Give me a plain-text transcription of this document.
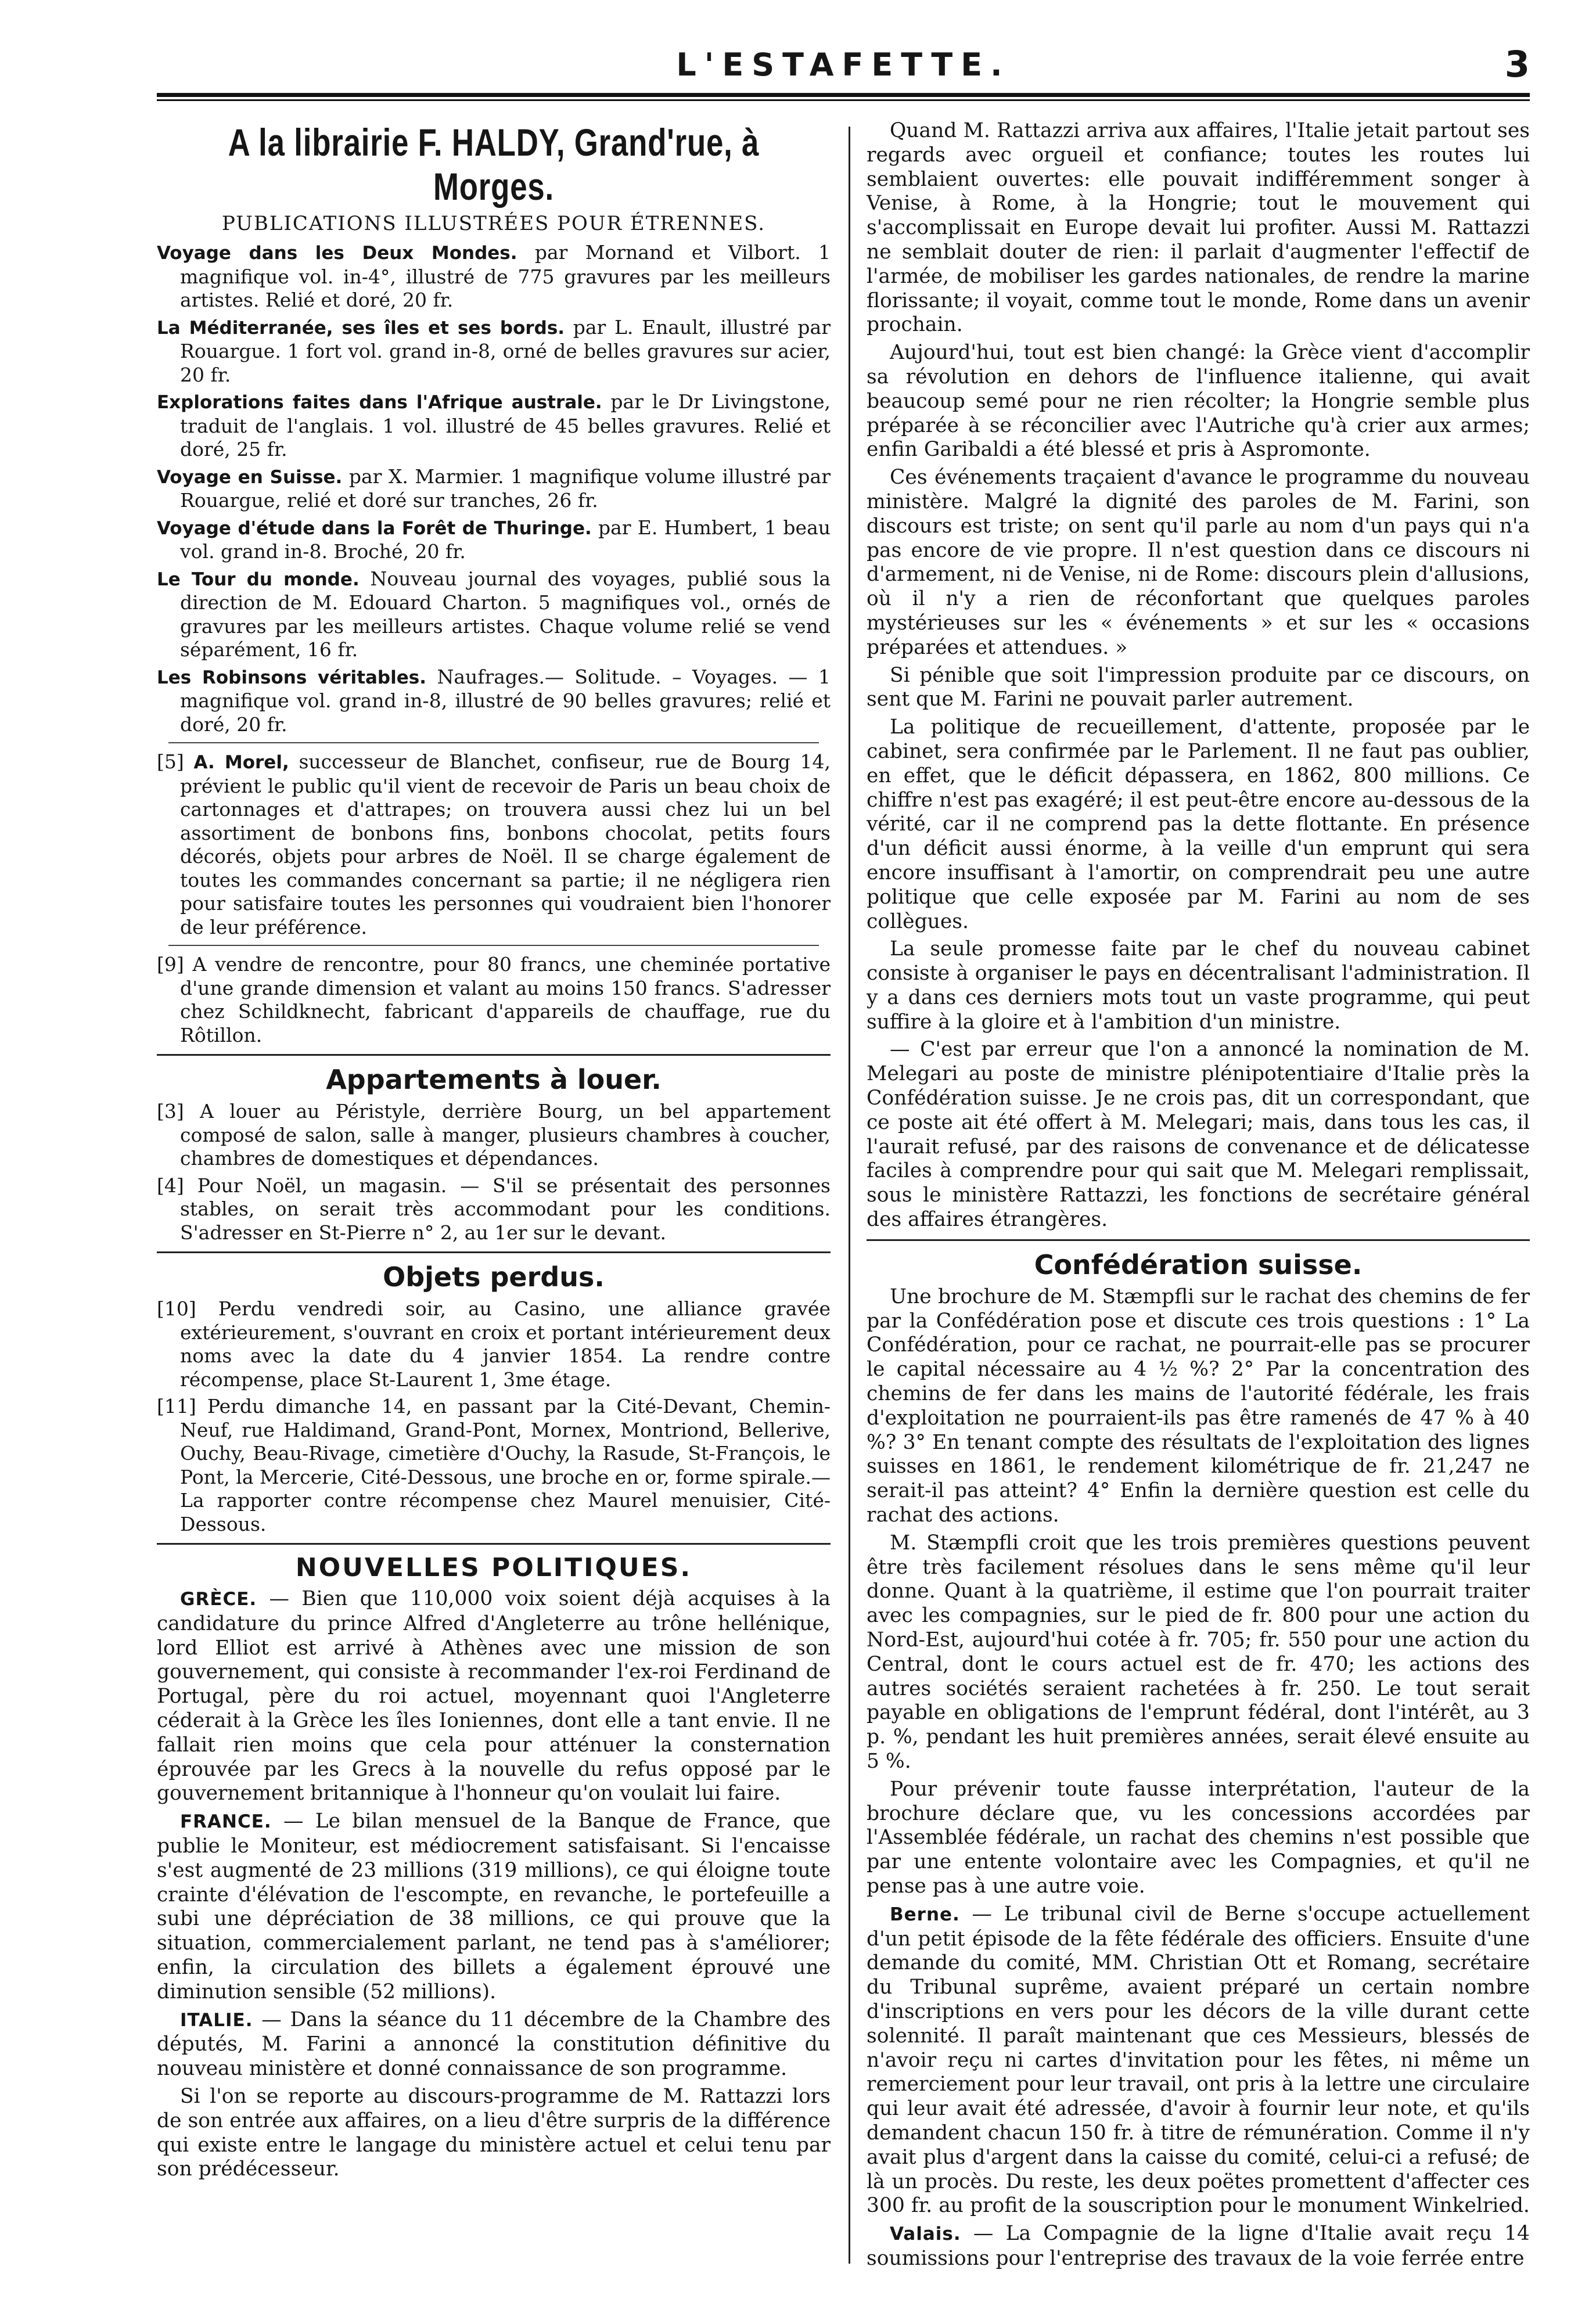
L'ESTAFETTE.	3
A la librairie F. HALDY, Grand'rue, à Morges.
PUBLICATIONS ILLUSTRÉES POUR ÉTRENNES.

Voyage dans les Deux Mondes. par Mornand et Vilbort. 1 magnifique vol. in-4°, illustré de 775 gravures par les meilleurs artistes. Relié et doré, 20 fr.

La Méditerranée, ses îles et ses bords. par L. Enault, illustré par Rouargue. 1 fort vol. grand in-8, orné de belles gravures sur acier, 20 fr.

Explorations faites dans l'Afrique australe. par le Dr Livingstone, traduit de l'anglais. 1 vol. illustré de 45 belles gravures. Relié et doré, 25 fr.

Voyage en Suisse. par X. Marmier. 1 magnifique volume illustré par Rouargue, relié et doré sur tranches, 26 fr.

Voyage d'étude dans la Forêt de Thuringe. par E. Humbert, 1 beau vol. grand in-8. Broché, 20 fr.

Le Tour du monde. Nouveau journal des voyages, publié sous la direction de M. Edouard Charton. 5 magnifiques vol., ornés de gravures par les meilleurs artistes. Chaque volume relié se vend séparément, 16 fr.

Les Robinsons véritables. Naufrages.— Solitude. – Voyages. — 1 magnifique vol. grand in-8, illustré de 90 belles gravures; relié et doré, 20 fr.

[5] A. Morel, successeur de Blanchet, confiseur, rue de Bourg 14, prévient le public qu'il vient de recevoir de Paris un beau choix de cartonnages et d'attrapes; on trouvera aussi chez lui un bel assortiment de bonbons fins, bonbons chocolat, petits fours décorés, objets pour arbres de Noël. Il se charge également de toutes les commandes concernant sa partie; il ne négligera rien pour satisfaire toutes les personnes qui voudraient bien l'honorer de leur préférence.

[9] A vendre de rencontre, pour 80 francs, une cheminée portative d'une grande dimension et valant au moins 150 francs. S'adresser chez Schildknecht, fabricant d'appareils de chauffage, rue du Rôtillon.

Appartements à louer.

[3] A louer au Péristyle, derrière Bourg, un bel appartement composé de salon, salle à manger, plusieurs chambres à coucher, chambres de domestiques et dépendances.

[4] Pour Noël, un magasin. — S'il se présentait des personnes stables, on serait très accommodant pour les conditions. S'adresser en St-Pierre n° 2, au 1er sur le devant.

Objets perdus.

[10] Perdu vendredi soir, au Casino, une alliance gravée extérieurement, s'ouvrant en croix et portant intérieurement deux noms avec la date du 4 janvier 1854. La rendre contre récompense, place St-Laurent 1, 3me étage.

[11] Perdu dimanche 14, en passant par la Cité-Devant, Chemin-Neuf, rue Haldimand, Grand-Pont, Mornex, Montriond, Bellerive, Ouchy, Beau-Rivage, cimetière d'Ouchy, la Rasude, St-François, le Pont, la Mercerie, Cité-Dessous, une broche en or, forme spirale.— La rapporter contre récompense chez Maurel menuisier, Cité-Dessous.

NOUVELLES POLITIQUES.

GRÈCE. — Bien que 110,000 voix soient déjà acquises à la candidature du prince Alfred d'Angleterre au trône hellénique, lord Elliot est arrivé à Athènes avec une mission de son gouvernement, qui consiste à recommander l'ex-roi Ferdinand de Portugal, père du roi actuel, moyennant quoi l'Angleterre céderait à la Grèce les îles Ioniennes, dont elle a tant envie. Il ne fallait rien moins que cela pour atténuer la consternation éprouvée par les Grecs à la nouvelle du refus opposé par le gouvernement britannique à l'honneur qu'on voulait lui faire.

FRANCE. — Le bilan mensuel de la Banque de France, que publie le Moniteur, est médiocrement satisfaisant. Si l'encaisse s'est augmenté de 23 millions (319 millions), ce qui éloigne toute crainte d'élévation de l'escompte, en revanche, le portefeuille a subi une dépréciation de 38 millions, ce qui prouve que la situation, commercialement parlant, ne tend pas à s'améliorer; enfin, la circulation des billets a également éprouvé une diminution sensible (52 millions).

ITALIE. — Dans la séance du 11 décembre de la Chambre des députés, M. Farini a annoncé la constitution définitive du nouveau ministère et donné connaissance de son programme.

Si l'on se reporte au discours-programme de M. Rattazzi lors de son entrée aux affaires, on a lieu d'être surpris de la différence qui existe entre le langage du ministère actuel et celui tenu par son prédécesseur.

Quand M. Rattazzi arriva aux affaires, l'Italie jetait partout ses regards avec orgueil et confiance; toutes les routes lui semblaient ouvertes: elle pouvait indifféremment songer à Venise, à Rome, à la Hongrie; tout le mouvement qui s'accomplissait en Europe devait lui profiter. Aussi M. Rattazzi ne semblait douter de rien: il parlait d'augmenter l'effectif de l'armée, de mobiliser les gardes nationales, de rendre la marine florissante; il voyait, comme tout le monde, Rome dans un avenir prochain.

Aujourd'hui, tout est bien changé: la Grèce vient d'accomplir sa révolution en dehors de l'influence italienne, qui avait beaucoup semé pour ne rien récolter; la Hongrie semble plus préparée à se réconcilier avec l'Autriche qu'à crier aux armes; enfin Garibaldi a été blessé et pris à Aspromonte.

Ces événements traçaient d'avance le programme du nouveau ministère. Malgré la dignité des paroles de M. Farini, son discours est triste; on sent qu'il parle au nom d'un pays qui n'a pas encore de vie propre. Il n'est question dans ce discours ni d'armement, ni de Venise, ni de Rome: discours plein d'allusions, où il n'y a rien de réconfortant que quelques paroles mystérieuses sur les « événements » et sur les « occasions préparées et attendues. »

Si pénible que soit l'impression produite par ce discours, on sent que M. Farini ne pouvait parler autrement.

La politique de recueillement, d'attente, proposée par le cabinet, sera confirmée par le Parlement. Il ne faut pas oublier, en effet, que le déficit dépassera, en 1862, 800 millions. Ce chiffre n'est pas exagéré; il est peut-être encore au-dessous de la vérité, car il ne comprend pas la dette flottante. En présence d'un déficit aussi énorme, à la veille d'un emprunt qui sera encore insuffisant à l'amortir, on comprendrait peu une autre politique que celle exposée par M. Farini au nom de ses collègues.

La seule promesse faite par le chef du nouveau cabinet consiste à organiser le pays en décentralisant l'administration. Il y a dans ces derniers mots tout un vaste programme, qui peut suffire à la gloire et à l'ambition d'un ministre.

— C'est par erreur que l'on a annoncé la nomination de M. Melegari au poste de ministre plénipotentiaire d'Italie près la Confédération suisse. Je ne crois pas, dit un correspondant, que ce poste ait été offert à M. Melegari; mais, dans tous les cas, il l'aurait refusé, par des raisons de convenance et de délicatesse faciles à comprendre pour qui sait que M. Melegari remplissait, sous le ministère Rattazzi, les fonctions de secrétaire général des affaires étrangères.

Confédération suisse.

Une brochure de M. Stæmpfli sur le rachat des chemins de fer par la Confédération pose et discute ces trois questions : 1° La Confédération, pour ce rachat, ne pourrait-elle pas se procurer le capital nécessaire au 4 ½ %? 2° Par la concentration des chemins de fer dans les mains de l'autorité fédérale, les frais d'exploitation ne pourraient-ils pas être ramenés de 47 % à 40 %? 3° En tenant compte des résultats de l'exploitation des lignes suisses en 1861, le rendement kilométrique de fr. 21,247 ne serait-il pas atteint? 4° Enfin la dernière question est celle du rachat des actions.

M. Stæmpfli croit que les trois premières questions peuvent être très facilement résolues dans le sens même qu'il leur donne. Quant à la quatrième, il estime que l'on pourrait traiter avec les compagnies, sur le pied de fr. 800 pour une action du Nord-Est, aujourd'hui cotée à fr. 705; fr. 550 pour une action du Central, dont le cours actuel est de fr. 470; les actions des autres sociétés seraient rachetées à fr. 250. Le tout serait payable en obligations de l'emprunt fédéral, dont l'intérêt, au 3 p. %, pendant les huit premières années, serait élevé ensuite au 5 %.

Pour prévenir toute fausse interprétation, l'auteur de la brochure déclare que, vu les concessions accordées par l'Assemblée fédérale, un rachat des chemins n'est possible que par une entente volontaire avec les Compagnies, et qu'il ne pense pas à une autre voie.

Berne. — Le tribunal civil de Berne s'occupe actuellement d'un petit épisode de la fête fédérale des officiers. Ensuite d'une demande du comité, MM. Christian Ott et Romang, secrétaire du Tribunal suprême, avaient préparé un certain nombre d'inscriptions en vers pour les décors de la ville durant cette solennité. Il paraît maintenant que ces Messieurs, blessés de n'avoir reçu ni cartes d'invitation pour les fêtes, ni même un remerciement pour leur travail, ont pris à la lettre une circulaire qui leur avait été adressée, d'avoir à fournir leur note, et qu'ils demandent chacun 150 fr. à titre de rémunération. Comme il n'y avait plus d'argent dans la caisse du comité, celui-ci a refusé; de là un procès. Du reste, les deux poëtes promettent d'affecter ces 300 fr. au profit de la souscription pour le monument Winkelried.

Valais. — La Compagnie de la ligne d'Italie avait reçu 14 soumissions pour l'entreprise des travaux de la voie ferrée entre
